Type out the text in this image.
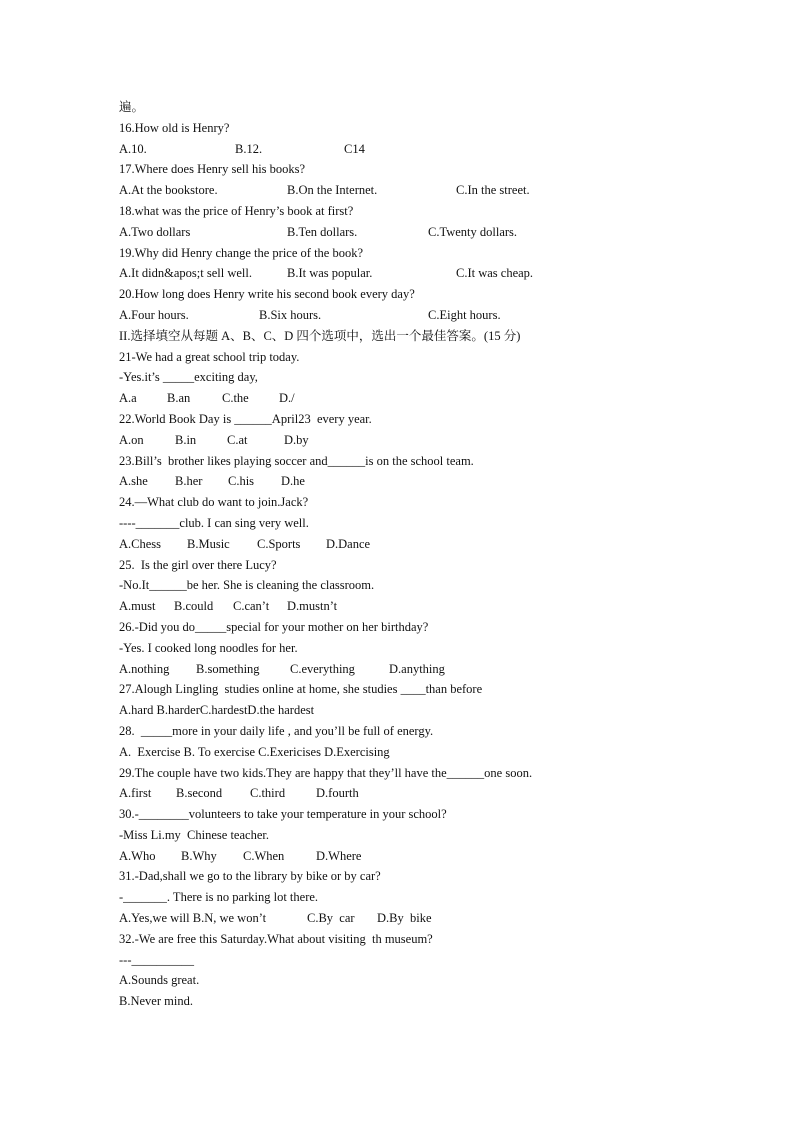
遍。
16.How old is Henry?
A.10.	B.12.	C14
17.Where does Henry sell his books?
A.At the bookstore.	B.On the Internet.	C.In the street.
18.what was the price of Henry’s book at first?
A.Two dollars	B.Ten dollars.	C.Twenty dollars.
19.Why did Henry change the price of the book?
A.It didn&apos;t sell well.	B.It was popular.	C.It was cheap.
20.How long does Henry write his second book every day?
A.Four hours.	B.Six hours.	C.Eight hours.
II.选择填空从每题 A、B、C、D 四个选项中，选出一个最佳答案。(15 分)
21-We had a great school trip today.
-Yes.it’s _____exciting day,
A.a B.an	C.the D./
22.World Book Day is ______April23  every year.
A.on	B.in C.at	D.by
23.Bill’s  brother likes playing soccer and______is on the school team.
A.she B.her C.his D.he
24.—What club do want to join.Jack?
----_______club. I can sing very well.
A.Chess B.Music C.Sports D.Dance
25.  Is the girl over there Lucy?
-No.It______be her. She is cleaning the classroom.
A.must B.could C.can’t D.mustn’t
26.-Did you do_____special for your mother on her birthday?
-Yes. I cooked long noodles for her.
A.nothing B.something C.everything	D.anything
27.Alough Lingling  studies online at home, she studies ____than before
A.hard B.harderC.hardestD.the hardest
28.  _____more in your daily life , and you’ll be full of energy.
A.  Exercise B. To exercise C.Exericises D.Exercising
29.The couple have two kids.They are happy that they’ll have the______one soon.
A.first B.second C.third D.fourth
30.-________volunteers to take your temperature in your school?
-Miss Li.my  Chinese teacher.
A.Who B.Why C.When	D.Where
31.-Dad,shall we go to the library by bike or by car?
-_______. There is no parking lot there.
A.Yes,we will B.N, we won’t	C.By  car D.By  bike
32.-We are free this Saturday.What about visiting  th museum?
---__________
A.Sounds great.
B.Never mind.
